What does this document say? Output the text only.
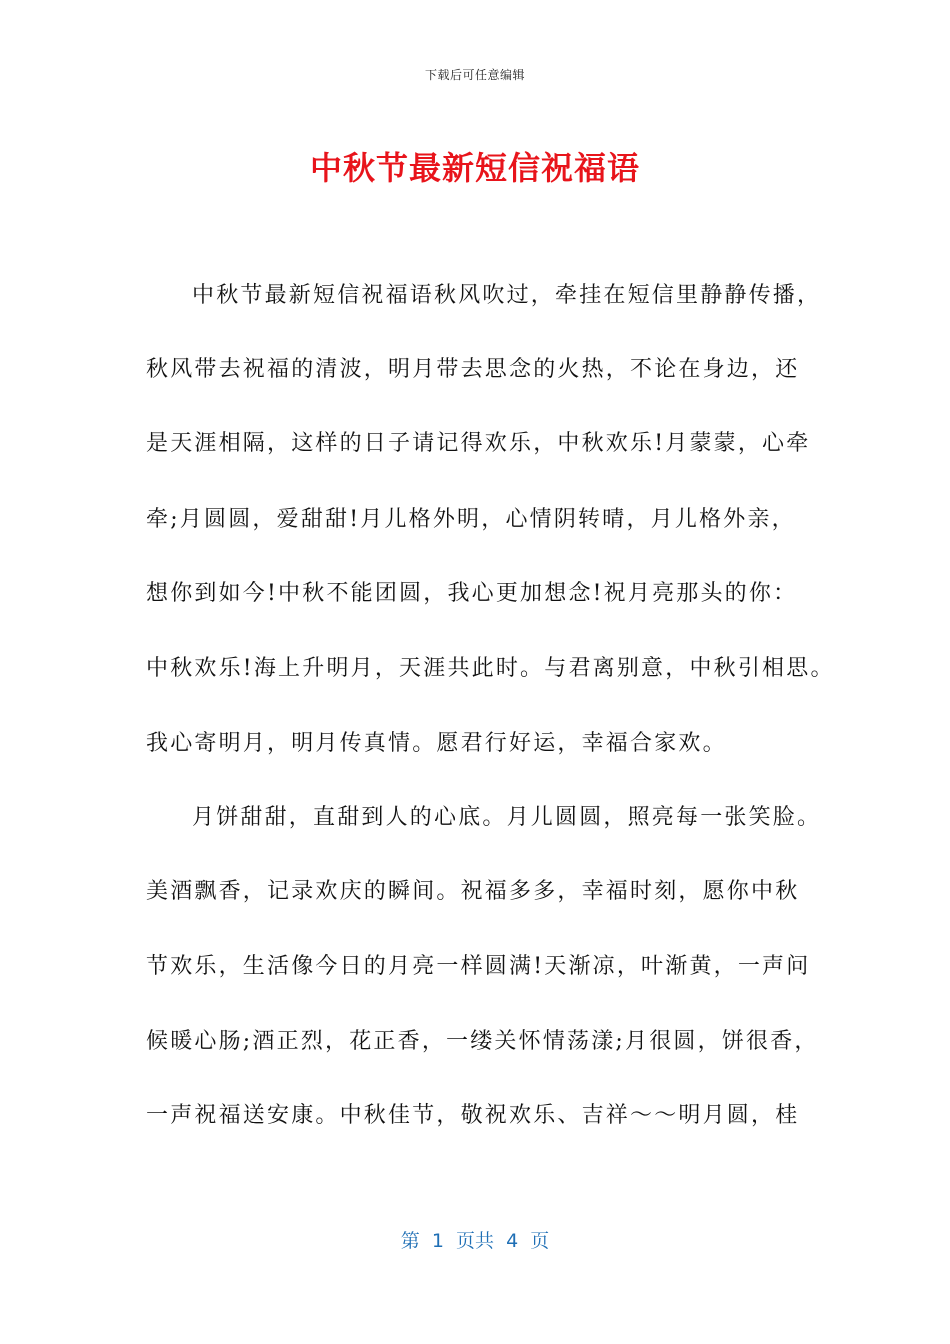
下载后可任意编辑
中秋节最新短信祝福语
中秋节最新短信祝福语秋风吹过，牵挂在短信里静静传播，
秋风带去祝福的清波，明月带去思念的火热，不论在身边，还
是天涯相隔，这样的日子请记得欢乐，中秋欢乐!月蒙蒙，心牵
牵;月圆圆，爱甜甜!月儿格外明，心情阴转晴，月儿格外亲，
想你到如今!中秋不能团圆，我心更加想念!祝月亮那头的你：
中秋欢乐!海上升明月，天涯共此时。与君离别意，中秋引相思。
我心寄明月，明月传真情。愿君行好运，幸福合家欢。
月饼甜甜，直甜到人的心底。月儿圆圆，照亮每一张笑脸。
美酒飘香，记录欢庆的瞬间。祝福多多，幸福时刻，愿你中秋
节欢乐，生活像今日的月亮一样圆满!天渐凉，叶渐黄，一声问
候暖心肠;酒正烈，花正香，一缕关怀情荡漾;月很圆，饼很香，
一声祝福送安康。中秋佳节，敬祝欢乐、吉祥～～明月圆，桂
第  1  页共  4  页
